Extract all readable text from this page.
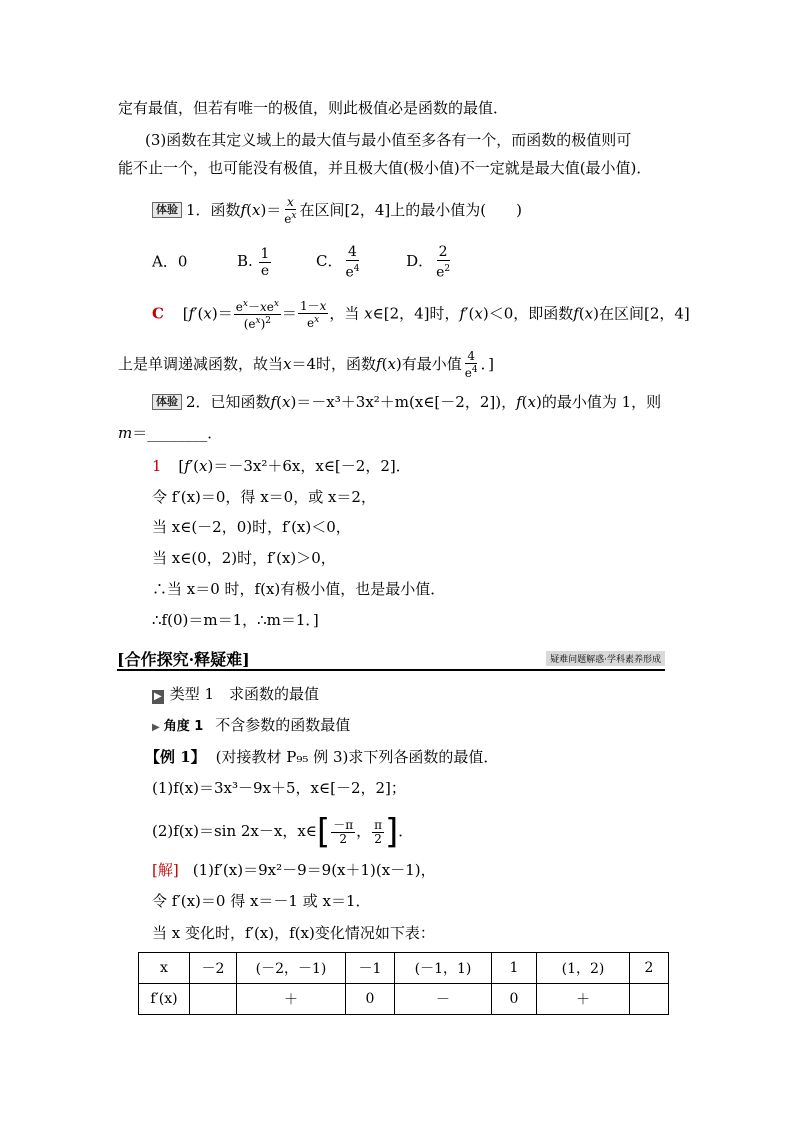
定有最值，但若有唯一的极值，则此极值必是函数的最值．
(3)函数在其定义域上的最大值与最小值至多各有一个，而函数的极值则可
能不止一个，也可能没有极值，并且极大值(极小值)不一定就是最大值(最小值)．
体验 1．函数$f(x)= \frac{x}{e^x}$ 在区间[2，4]上的最小值为(　　)
A．0	B. $\frac{1}{e}$	C． $\frac{4}{e^4}$	D． $\frac{2}{e^2}$
C [$f'(x)= \frac{e^x-xe^x}{(e^x)^2} = \frac{1-x}{e^x}$ ，当 x∈[2，4]时，f′(x)＜0，即函数f(x)在区间[2，4]
上是单调递减函数，故当x＝4时，函数f(x)有最小值 $\frac{4}{e^4}$ ．]
体验 2．已知函数f(x)＝－x³＋3x²＋m(x∈[－2，2])，f(x)的最小值为 1，则
m＝________．
1 [f′(x)＝－3x²＋6x，x∈[－2，2]．
令 f′(x)＝0，得 x＝0，或 x＝2，
当 x∈(－2，0)时，f′(x)＜0，
当 x∈(0，2)时，f′(x)＞0，
∴当 x＝0 时，f(x)有极小值，也是最小值．
∴f(0)＝m＝1，∴m＝1．]
[合作探究·释疑难]	疑难问题解惑·学科素养形成
▶ 类型 1　求函数的最值
▶ 角度 1 不含参数的函数最值
【例 1】 (对接教材 P₉₅ 例 3)求下列各函数的最值．
(1)f(x)＝3x³－9x＋5，x∈[－2，2]；
(2)f(x)＝sin 2x－x，x∈[ $\frac{-\pi}{2}$ ， $\frac{\pi}{2}$ ]．
[解] (1)f′(x)＝9x²－9＝9(x＋1)(x－1)，
令 f′(x)＝0 得 x＝－1 或 x＝1．
当 x 变化时，f′(x)，f(x)变化情况如下表：
x	－2	(－2，－1)	－1	(－1，1)	1	(1，2)	2
f′(x)		＋	0	－	0	＋	
